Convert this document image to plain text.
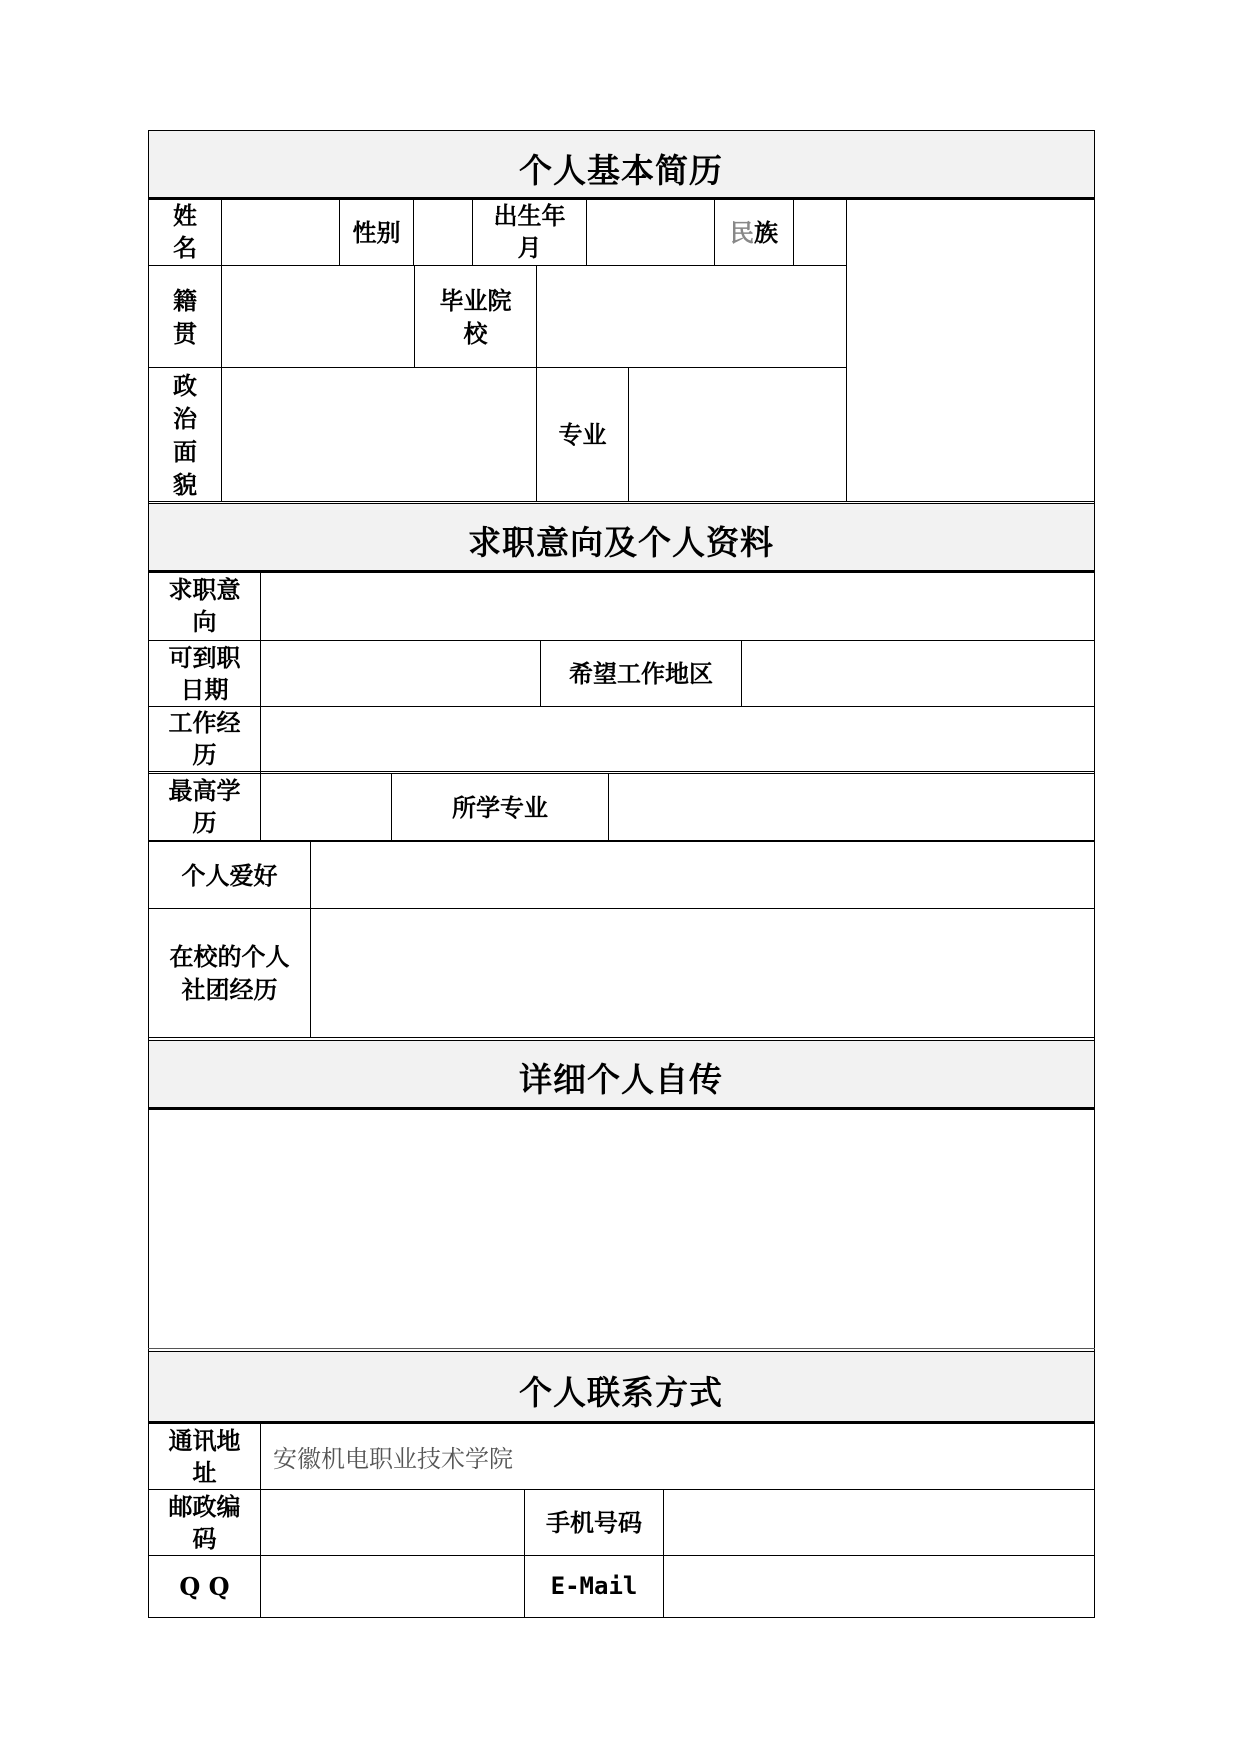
个人基本简历
求职意向及个人资料
详细个人自传
个人联系方式
姓
名
性别
出生年
月
民 族
籍
贯
毕业院
校
政
治
面
貌
专业
求职意
向
可到职
日期
希望工作地区
工作经
历
最高学
历
所学专业
个人爱好
在校的个人
社团经历
通讯地
址	安徽机电职业技术学院
邮政编
码
手机号码
Q Q	E-Mail
